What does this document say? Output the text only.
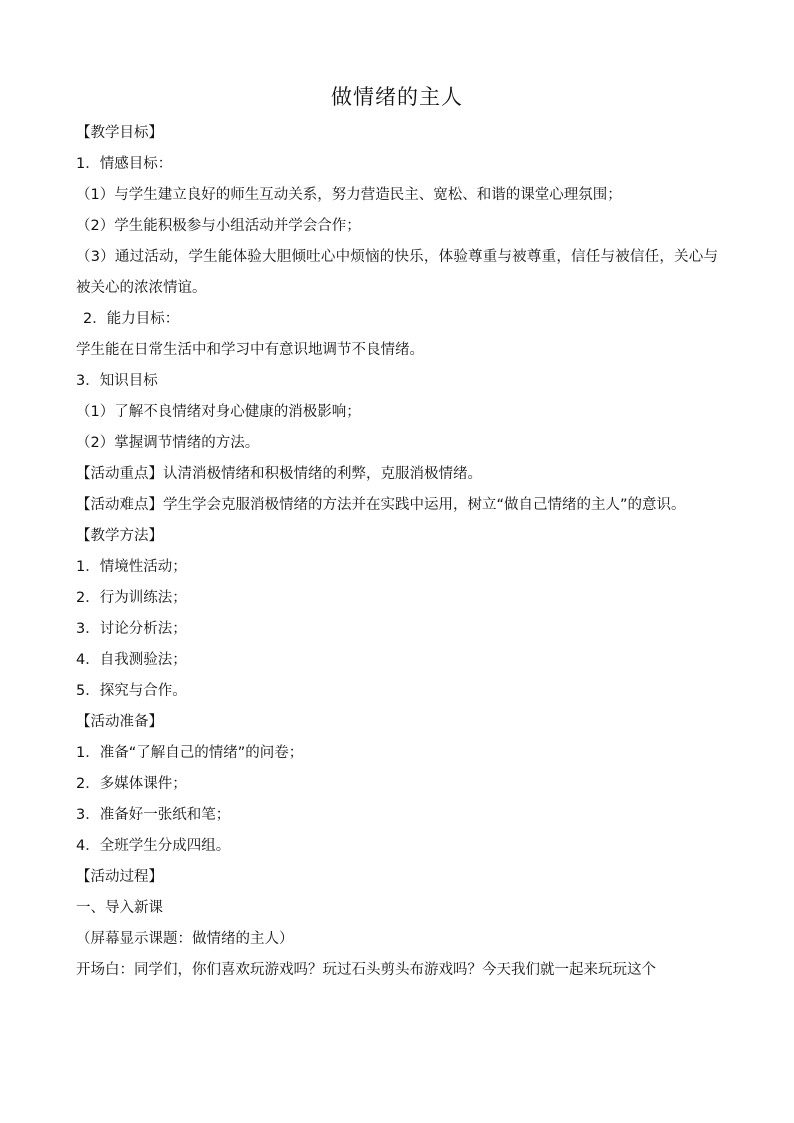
做情绪的主人
【教学目标】
1．情感目标：
（1）与学生建立良好的师生互动关系，努力营造民主、宽松、和谐的课堂心理氛围；
（2）学生能积极参与小组活动并学会合作；
（3）通过活动，学生能体验大胆倾吐心中烦恼的快乐，体验尊重与被尊重，信任与被信任，关心与被关心的浓浓情谊。
2．能力目标：
学生能在日常生活中和学习中有意识地调节不良情绪。
3．知识目标
（1）了解不良情绪对身心健康的消极影响；
（2）掌握调节情绪的方法。
【活动重点】认清消极情绪和积极情绪的利弊，克服消极情绪。
【活动难点】学生学会克服消极情绪的方法并在实践中运用，树立“做自己情绪的主人”的意识。
【教学方法】
1．情境性活动；
2．行为训练法；
3．讨论分析法；
4．自我测验法；
5．探究与合作。
【活动准备】
1．准备“了解自己的情绪”的问卷；
2．多媒体课件；
3．准备好一张纸和笔；
4．全班学生分成四组。
【活动过程】
一、导入新课
（屏幕显示课题：做情绪的主人）
开场白：同学们，你们喜欢玩游戏吗？玩过石头剪头布游戏吗？今天我们就一起来玩玩这个
